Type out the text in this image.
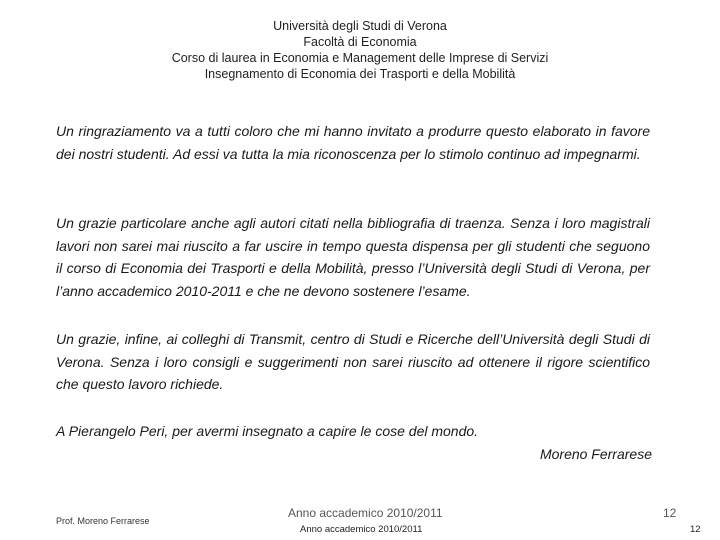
Università degli Studi di Verona
Facoltà di Economia
Corso di laurea in Economia e Management delle Imprese di Servizi
Insegnamento di Economia dei Trasporti e della Mobilità

Un ringraziamento va a tutti coloro che mi hanno invitato a produrre questo elaborato in favore dei nostri studenti. Ad essi va tutta la mia riconoscenza per lo stimolo continuo ad impegnarmi.

Un grazie particolare anche agli autori citati nella bibliografia di traenza. Senza i loro magistrali lavori non sarei mai riuscito a far uscire in tempo questa dispensa per gli studenti che seguono il corso di Economia dei Trasporti e della Mobilità, presso l’Università degli Studi di Verona, per l’anno accademico 2010-2011 e che ne devono sostenere l’esame.

Un grazie, infine, ai colleghi di Transmit, centro di Studi e Ricerche dell’Università degli Studi di Verona. Senza i loro consigli e suggerimenti non sarei riuscito ad ottenere il rigore scientifico che questo lavoro richiede.

A Pierangelo Peri, per avermi insegnato a capire le cose del mondo.

Moreno Ferrarese
Prof. Moreno Ferrarese
Anno accademico 2010/2011	12
Anno accademico 2010/2011	12
